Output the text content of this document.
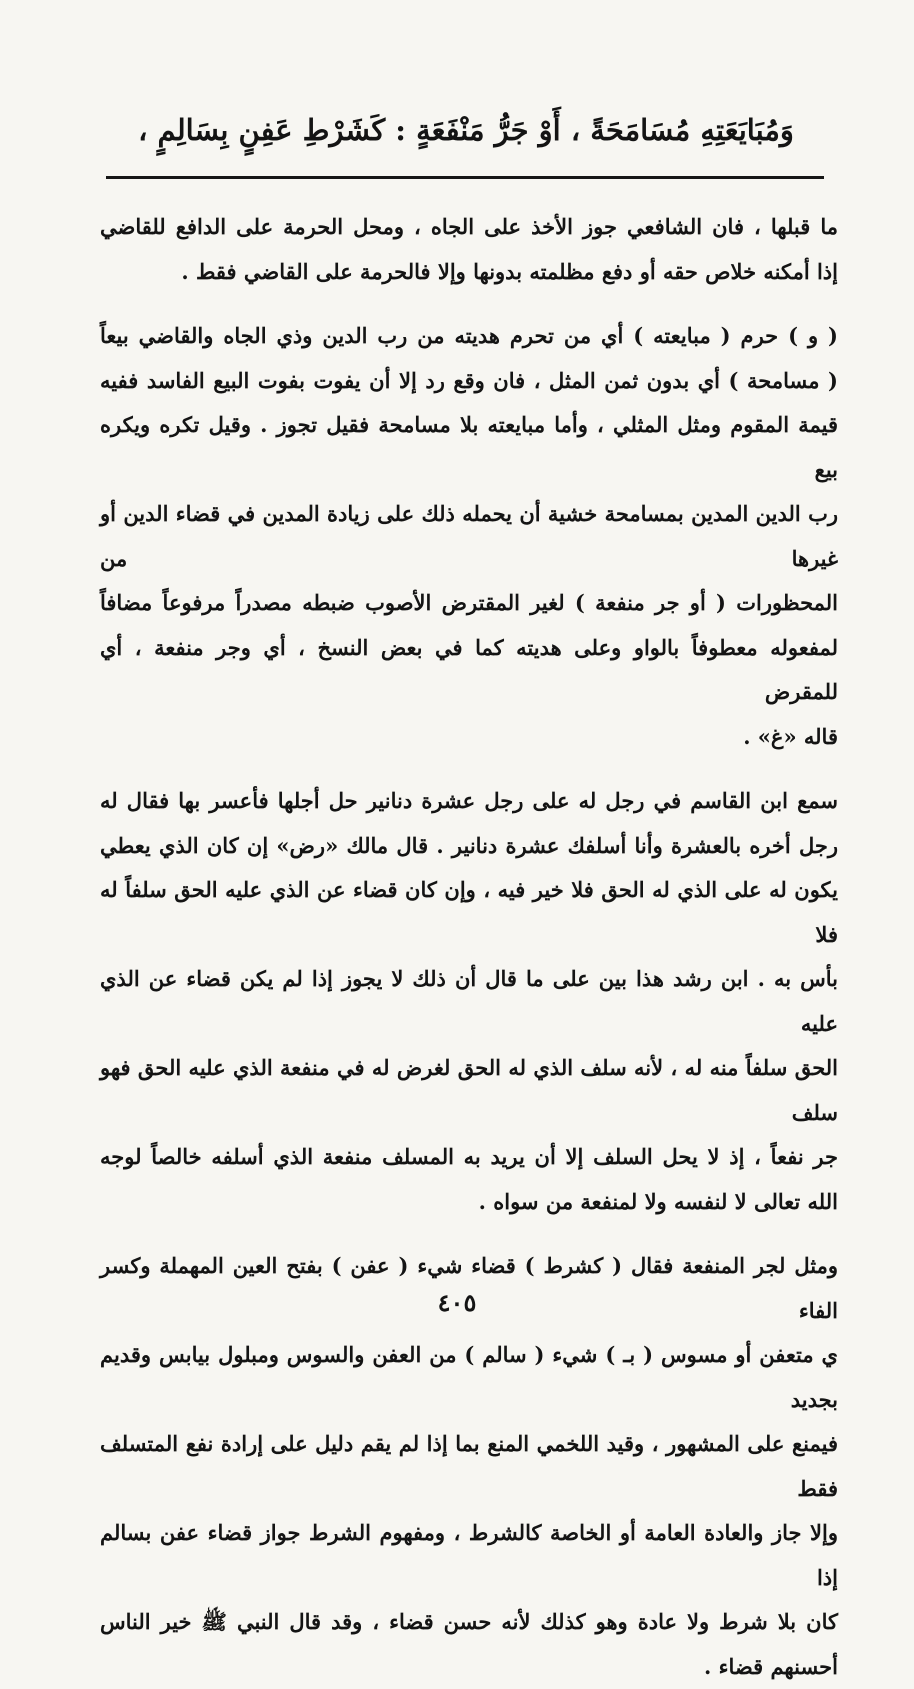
وَمُبَايَعَتِهِ مُسَامَحَةً ، أَوْ جَرُّ مَنْفَعَةٍ : كَشَرْطِ عَفِنٍ بِسَالِمٍ ،
ما قبلها ، فان الشافعي جوز الأخذ على الجاه ، ومحل الحرمة على الدافع للقاضي
إذا أمكنه خلاص حقه أو دفع مظلمته بدونها وإلا فالحرمة على القاضي فقط .
( و ) حرم ( مبايعته ) أي من تحرم هديته من رب الدين وذي الجاه والقاضي بيعاً
( مسامحة ) أي بدون ثمن المثل ، فان وقع رد إلا أن يفوت بفوت البيع الفاسد ففيه
قيمة المقوم ومثل المثلي ، وأما مبايعته بلا مسامحة فقيل تجوز . وقيل تكره ويكره بيع
رب الدين المدين بمسامحة خشية أن يحمله ذلك على زيادة المدين في قضاء الدين أو غيرها من
المحظورات ( أو جر منفعة ) لغير المقترض الأصوب ضبطه مصدراً مرفوعاً مضافاً
لمفعوله معطوفاً بالواو وعلى هديته كما في بعض النسخ ، أي وجر منفعة ، أي للمقرض
قاله «غ» .
سمع ابن القاسم في رجل له على رجل عشرة دنانير حل أجلها فأعسر بها فقال له
رجل أخره بالعشرة وأنا أسلفك عشرة دنانير . قال مالك «رض» إن كان الذي يعطي
يكون له على الذي له الحق فلا خير فيه ، وإن كان قضاء عن الذي عليه الحق سلفاً له فلا
بأس به . ابن رشد هذا بين على ما قال أن ذلك لا يجوز إذا لم يكن قضاء عن الذي عليه
الحق سلفاً منه له ، لأنه سلف الذي له الحق لغرض له في منفعة الذي عليه الحق فهو سلف
جر نفعاً ، إذ لا يحل السلف إلا أن يريد به المسلف منفعة الذي أسلفه خالصاً لوجه
الله تعالى لا لنفسه ولا لمنفعة من سواه .
ومثل لجر المنفعة فقال ( كشرط ) قضاء شيء ( عفن ) بفتح العين المهملة وكسر الفاء
ي متعفن أو مسوس ( بـ ) شيء ( سالم ) من العفن والسوس ومبلول بيابس وقديم بجديد
فيمنع على المشهور ، وقيد اللخمي المنع بما إذا لم يقم دليل على إرادة نفع المتسلف فقط
وإلا جاز والعادة العامة أو الخاصة كالشرط ، ومفهوم الشرط جواز قضاء عفن بسالم إذا
كان بلا شرط ولا عادة وهو كذلك لأنه حسن قضاء ، وقد قال النبي ﷺ خير الناس
أحسنهم قضاء .
٤٠٥
